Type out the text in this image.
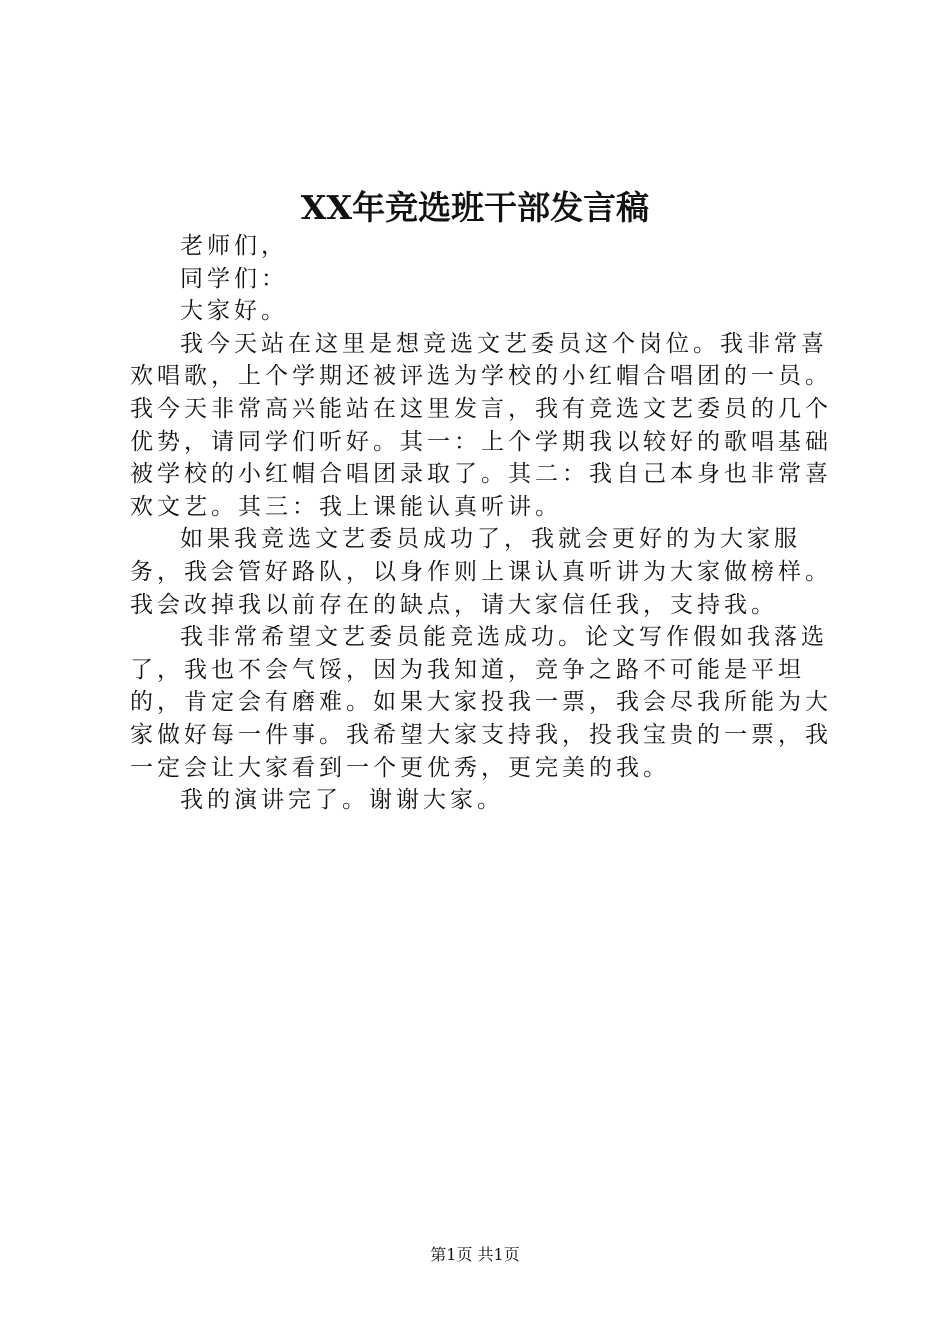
XX年竞选班干部发言稿

老师们，

同学们：

大家好。

我今天站在这里是想竞选文艺委员这个岗位。我非常喜欢唱歌，上个学期还被评选为学校的小红帽合唱团的一员。我今天非常高兴能站在这里发言，我有竞选文艺委员的几个优势，请同学们听好。其一：上个学期我以较好的歌唱基础被学校的小红帽合唱团录取了。其二：我自己本身也非常喜欢文艺。其三：我上课能认真听讲。

如果我竞选文艺委员成功了，我就会更好的为大家服务，我会管好路队，以身作则上课认真听讲为大家做榜样。我会改掉我以前存在的缺点，请大家信任我，支持我。

我非常希望文艺委员能竞选成功。论文写作假如我落选了，我也不会气馁，因为我知道，竞争之路不可能是平坦的，肯定会有磨难。如果大家投我一票，我会尽我所能为大家做好每一件事。我希望大家支持我，投我宝贵的一票，我一定会让大家看到一个更优秀，更完美的我。

我的演讲完了。谢谢大家。

第1页 共1页
